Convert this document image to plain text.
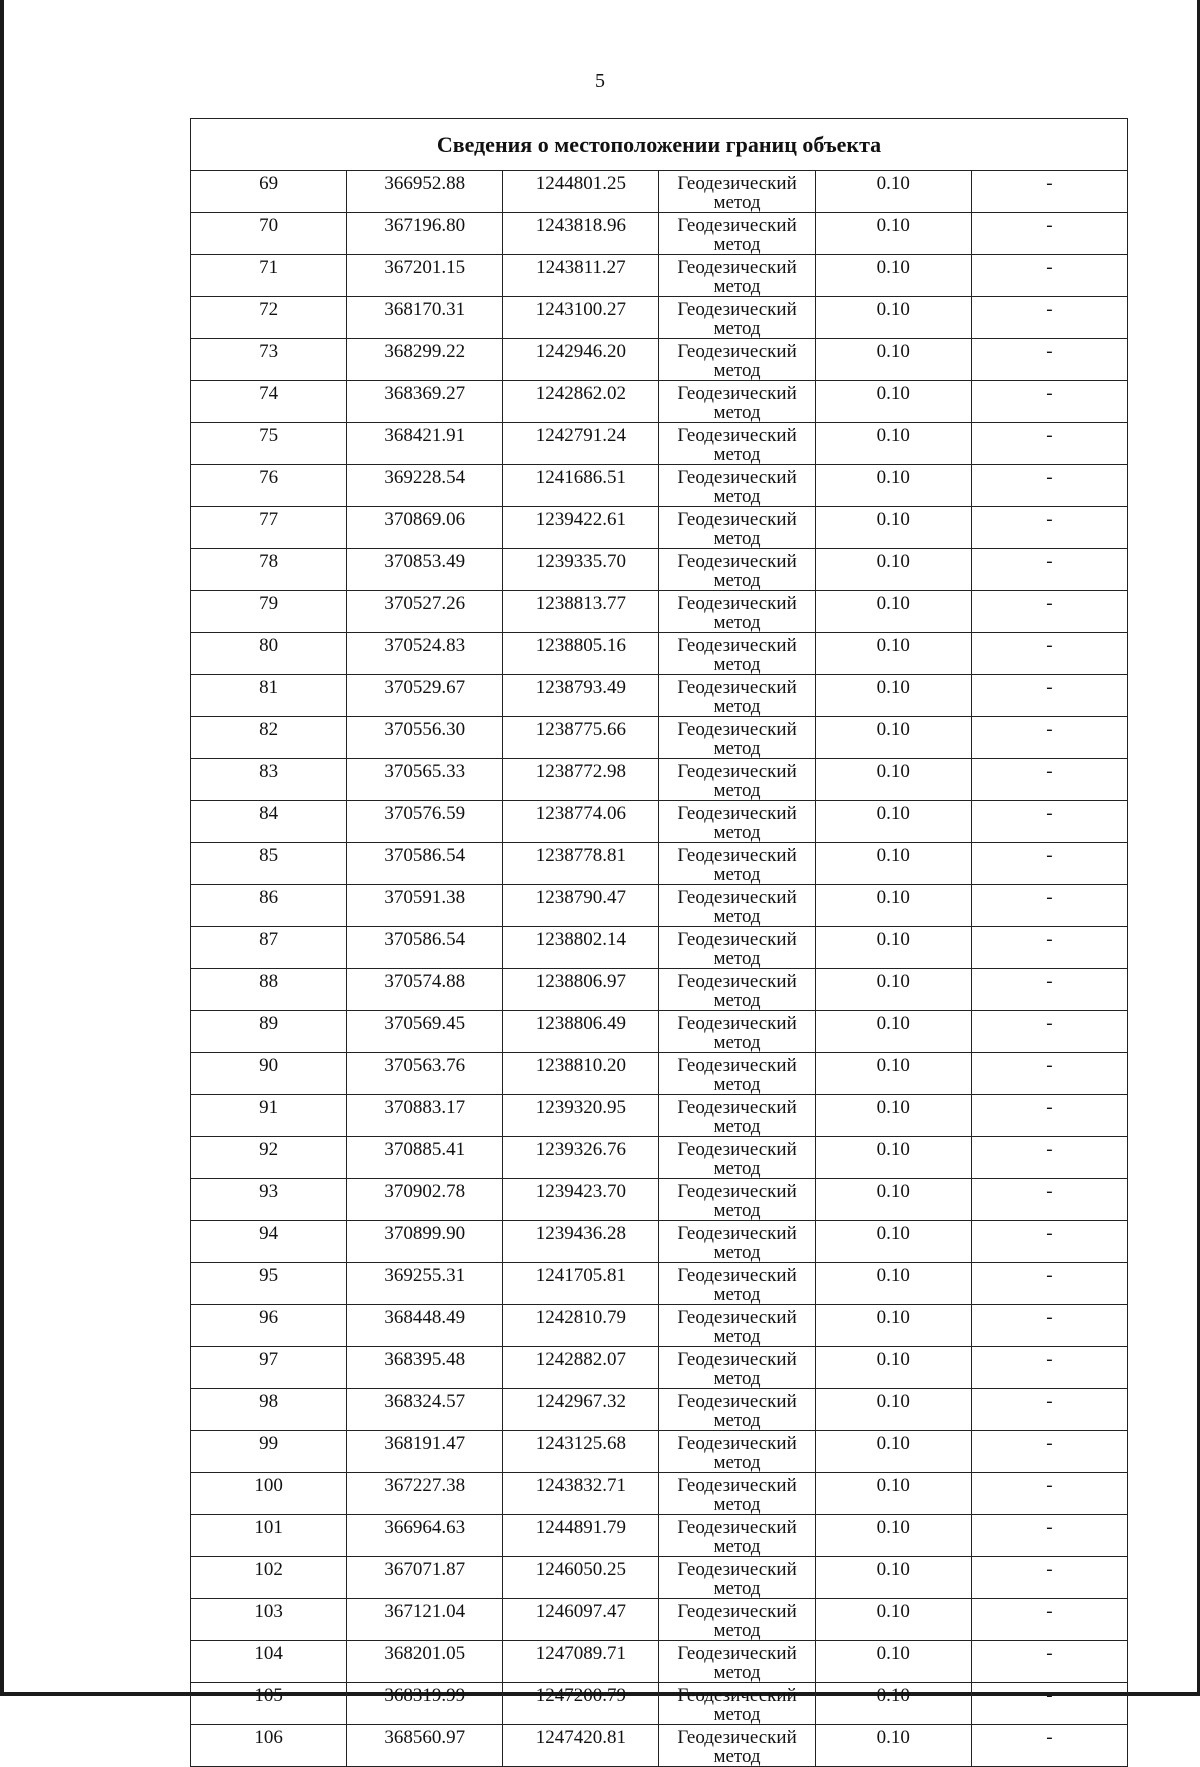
5
Сведения о местоположении границ объекта					
69	366952.88	1244801.25	Геодезический метод	0.10	-
70	367196.80	1243818.96	Геодезический метод	0.10	-
71	367201.15	1243811.27	Геодезический метод	0.10	-
72	368170.31	1243100.27	Геодезический метод	0.10	-
73	368299.22	1242946.20	Геодезический метод	0.10	-
74	368369.27	1242862.02	Геодезический метод	0.10	-
75	368421.91	1242791.24	Геодезический метод	0.10	-
76	369228.54	1241686.51	Геодезический метод	0.10	-
77	370869.06	1239422.61	Геодезический метод	0.10	-
78	370853.49	1239335.70	Геодезический метод	0.10	-
79	370527.26	1238813.77	Геодезический метод	0.10	-
80	370524.83	1238805.16	Геодезический метод	0.10	-
81	370529.67	1238793.49	Геодезический метод	0.10	-
82	370556.30	1238775.66	Геодезический метод	0.10	-
83	370565.33	1238772.98	Геодезический метод	0.10	-
84	370576.59	1238774.06	Геодезический метод	0.10	-
85	370586.54	1238778.81	Геодезический метод	0.10	-
86	370591.38	1238790.47	Геодезический метод	0.10	-
87	370586.54	1238802.14	Геодезический метод	0.10	-
88	370574.88	1238806.97	Геодезический метод	0.10	-
89	370569.45	1238806.49	Геодезический метод	0.10	-
90	370563.76	1238810.20	Геодезический метод	0.10	-
91	370883.17	1239320.95	Геодезический метод	0.10	-
92	370885.41	1239326.76	Геодезический метод	0.10	-
93	370902.78	1239423.70	Геодезический метод	0.10	-
94	370899.90	1239436.28	Геодезический метод	0.10	-
95	369255.31	1241705.81	Геодезический метод	0.10	-
96	368448.49	1242810.79	Геодезический метод	0.10	-
97	368395.48	1242882.07	Геодезический метод	0.10	-
98	368324.57	1242967.32	Геодезический метод	0.10	-
99	368191.47	1243125.68	Геодезический метод	0.10	-
100	367227.38	1243832.71	Геодезический метод	0.10	-
101	366964.63	1244891.79	Геодезический метод	0.10	-
102	367071.87	1246050.25	Геодезический метод	0.10	-
103	367121.04	1246097.47	Геодезический метод	0.10	-
104	368201.05	1247089.71	Геодезический метод	0.10	-
105	368319.99	1247200.79	Геодезический метод	0.10	-
106	368560.97	1247420.81	Геодезический метод	0.10	-
